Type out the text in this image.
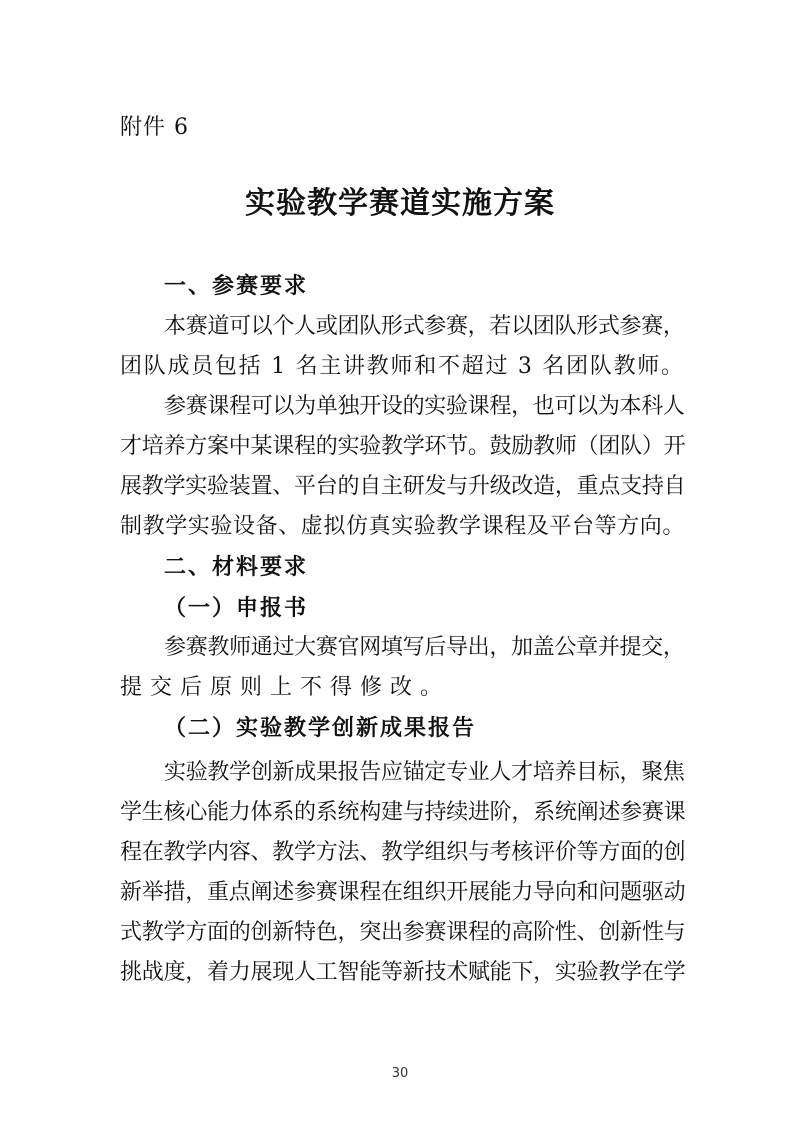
附件 6
实验教学赛道实施方案
一、参赛要求
本赛道可以个人或团队形式参赛，若以团队形式参赛，
团队成员包括 1 名主讲教师和不超过 3 名团队教师。
参赛课程可以为单独开设的实验课程，也可以为本科人
才培养方案中某课程的实验教学环节。鼓励教师（团队）开
展教学实验装置、平台的自主研发与升级改造，重点支持自
制教学实验设备、虚拟仿真实验教学课程及平台等方向。
二、材料要求
（一）申报书
参赛教师通过大赛官网填写后导出，加盖公章并提交，
提交后原则上不得修改。
（二）实验教学创新成果报告
实验教学创新成果报告应锚定专业人才培养目标，聚焦
学生核心能力体系的系统构建与持续进阶，系统阐述参赛课
程在教学内容、教学方法、教学组织与考核评价等方面的创
新举措，重点阐述参赛课程在组织开展能力导向和问题驱动
式教学方面的创新特色，突出参赛课程的高阶性、创新性与
挑战度，着力展现人工智能等新技术赋能下，实验教学在学
30
